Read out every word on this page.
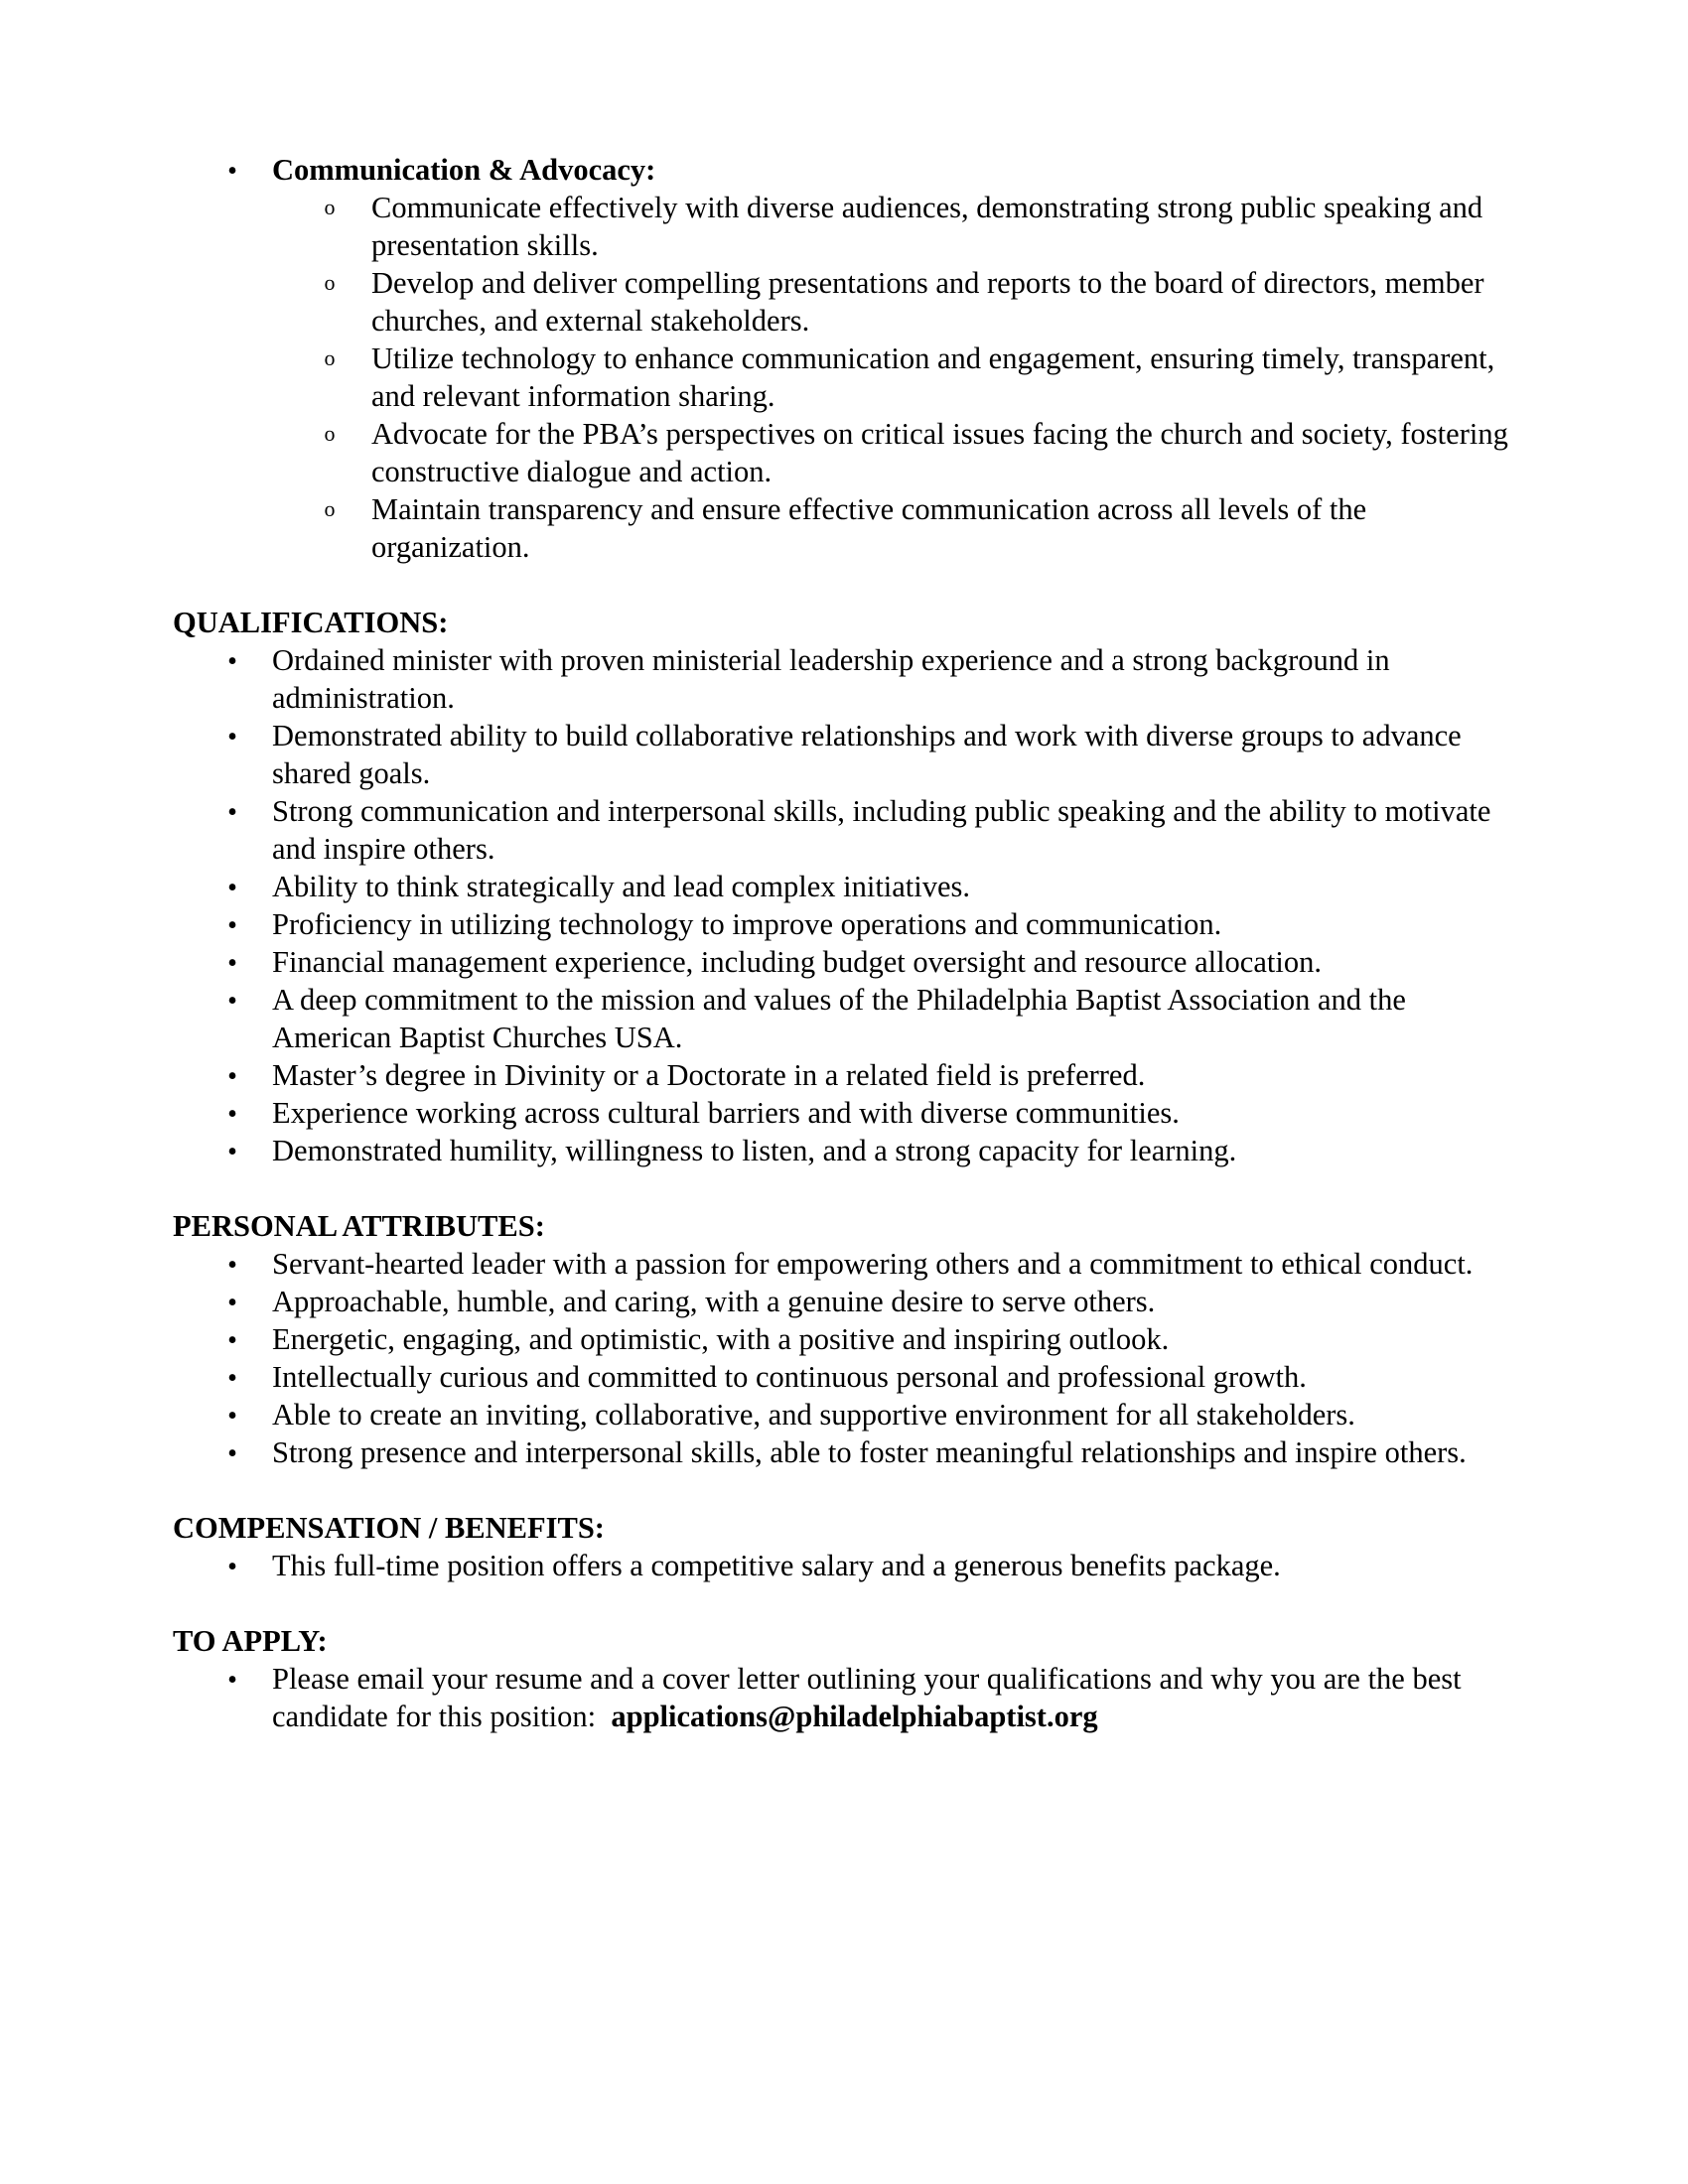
•
Communication & Advocacy:
o Communicate effectively with diverse audiences, demonstrating strong public speaking and presentation skills.
o Develop and deliver compelling presentations and reports to the board of directors, member churches, and external stakeholders.
o Utilize technology to enhance communication and engagement, ensuring timely, transparent, and relevant information sharing.
o Advocate for the PBA’s perspectives on critical issues facing the church and society, fostering constructive dialogue and action.
o Maintain transparency and ensure effective communication across all levels of the organization.

QUALIFICATIONS:

•
Ordained minister with proven ministerial leadership experience and a strong background in administration.
•
Demonstrated ability to build collaborative relationships and work with diverse groups to advance shared goals.
•
Strong communication and interpersonal skills, including public speaking and the ability to motivate and inspire others.
•
Ability to think strategically and lead complex initiatives.
•
Proficiency in utilizing technology to improve operations and communication.
•
Financial management experience, including budget oversight and resource allocation.
•
A deep commitment to the mission and values of the Philadelphia Baptist Association and the American Baptist Churches USA.
•
Master’s degree in Divinity or a Doctorate in a related field is preferred.
•
Experience working across cultural barriers and with diverse communities.
•
Demonstrated humility, willingness to listen, and a strong capacity for learning.

PERSONAL ATTRIBUTES:

•
Servant-hearted leader with a passion for empowering others and a commitment to ethical conduct.
•
Approachable, humble, and caring, with a genuine desire to serve others.
•
Energetic, engaging, and optimistic, with a positive and inspiring outlook.
•
Intellectually curious and committed to continuous personal and professional growth.
•
Able to create an inviting, collaborative, and supportive environment for all stakeholders.
•
Strong presence and interpersonal skills, able to foster meaningful relationships and inspire others.

COMPENSATION / BENEFITS:

•
This full-time position offers a competitive salary and a generous benefits package.

TO APPLY:

•
Please email your resume and a cover letter outlining your qualifications and why you are the best candidate for this position: applications@philadelphiabaptist.org
